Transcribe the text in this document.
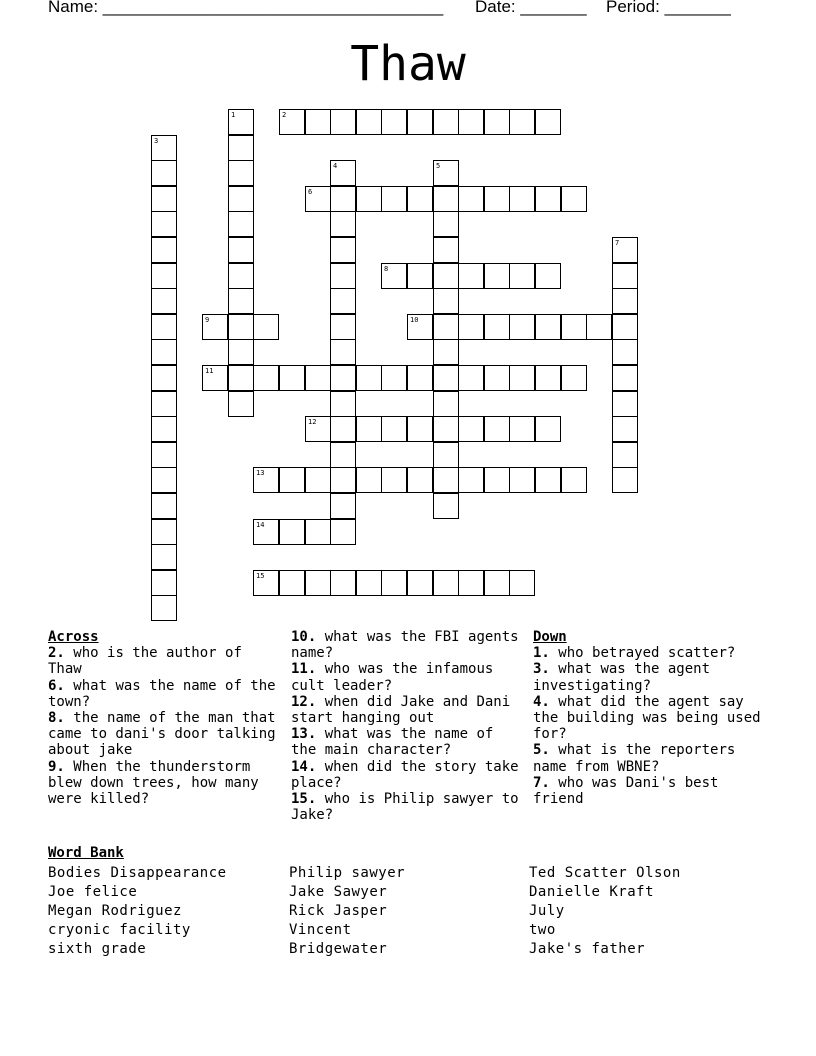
Name: ____________________________________ Date: _______ Period: _______
Thaw
1	2
3
4	5
6
7
8
9	10
11
12
13
14
15
Across
2. who is the author of Thaw
6. what was the name of the town?
8. the name of the man that came to dani's door talking about jake
9. When the thunderstorm blew down trees, how many were killed?
10. what was the FBI agents name?
11. who was the infamous cult leader?
12. when did Jake and Dani start hanging out
13. what was the name of the main character?
14. when did the story take place?
15. who is Philip sawyer to Jake?
Down
1. who betrayed scatter?
3. what was the agent investigating?
4. what did the agent say the building was being used for?
5. what is the reporters name from WBNE?
7. who was Dani's best friend
Word Bank
Bodies Disappearance
Joe felice
Megan Rodriguez
cryonic facility
sixth grade
Philip sawyer
Jake Sawyer
Rick Jasper
Vincent
Bridgewater
Ted Scatter Olson
Danielle Kraft
July
two
Jake's father
